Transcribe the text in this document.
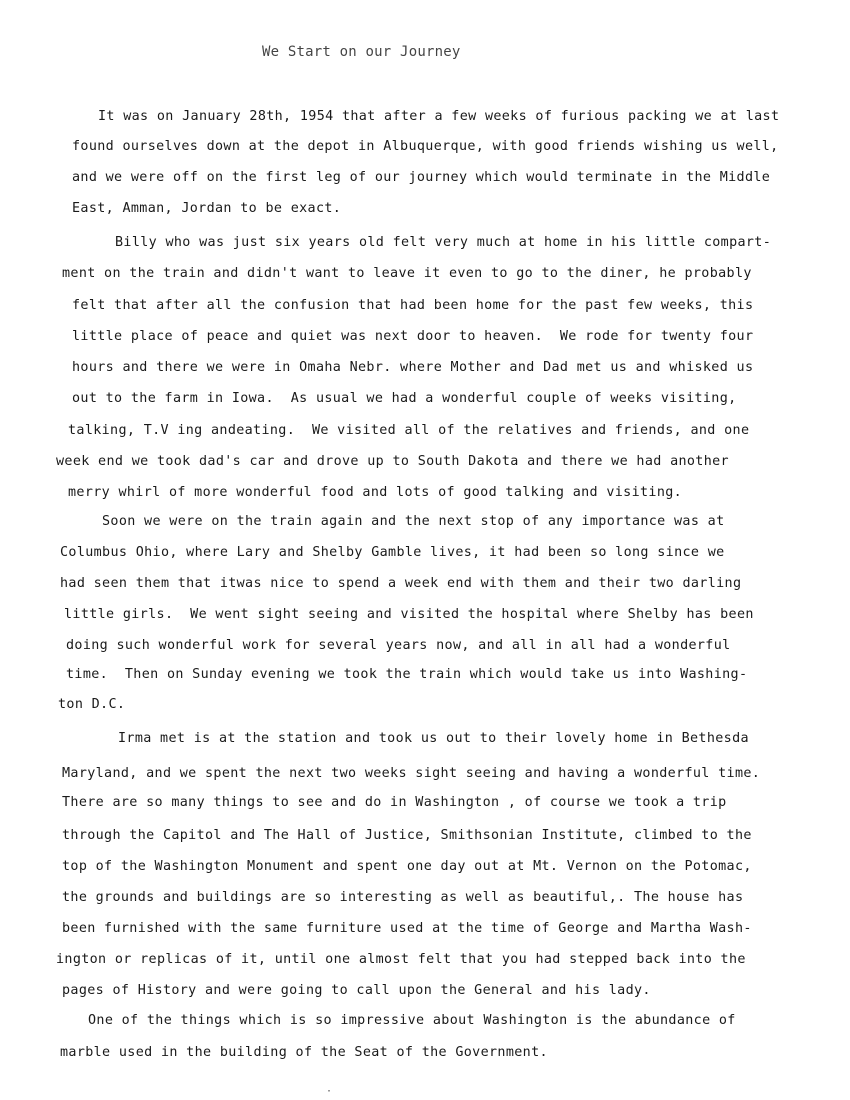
We Start on our Journey
It was on January 28th, 1954 that after a few weeks of furious packing we at last
found ourselves down at the depot in Albuquerque, with good friends wishing us well,
and we were off on the first leg of our journey which would terminate in the Middle
East, Amman, Jordan to be exact.
Billy who was just six years old felt very much at home in his little compart-
ment on the train and didn't want to leave it even to go to the diner, he probably
felt that after all the confusion that had been home for the past few weeks, this
little place of peace and quiet was next door to heaven.  We rode for twenty four
hours and there we were in Omaha Nebr. where Mother and Dad met us and whisked us
out to the farm in Iowa.  As usual we had a wonderful couple of weeks visiting,
talking, T.V ing andeating.  We visited all of the relatives and friends, and one
week end we took dad's car and drove up to South Dakota and there we had another
merry whirl of more wonderful food and lots of good talking and visiting.
Soon we were on the train again and the next stop of any importance was at
Columbus Ohio, where Lary and Shelby Gamble lives, it had been so long since we
had seen them that itwas nice to spend a week end with them and their two darling
little girls.  We went sight seeing and visited the hospital where Shelby has been
doing such wonderful work for several years now, and all in all had a wonderful
time.  Then on Sunday evening we took the train which would take us into Washing-
ton D.C.
Irma met is at the station and took us out to their lovely home in Bethesda
Maryland, and we spent the next two weeks sight seeing and having a wonderful time.
There are so many things to see and do in Washington , of course we took a trip
through the Capitol and The Hall of Justice, Smithsonian Institute, climbed to the
top of the Washington Monument and spent one day out at Mt. Vernon on the Potomac,
the grounds and buildings are so interesting as well as beautiful,. The house has
been furnished with the same furniture used at the time of George and Martha Wash-
ington or replicas of it, until one almost felt that you had stepped back into the
pages of History and were going to call upon the General and his lady.
One of the things which is so impressive about Washington is the abundance of
marble used in the building of the Seat of the Government.
·
